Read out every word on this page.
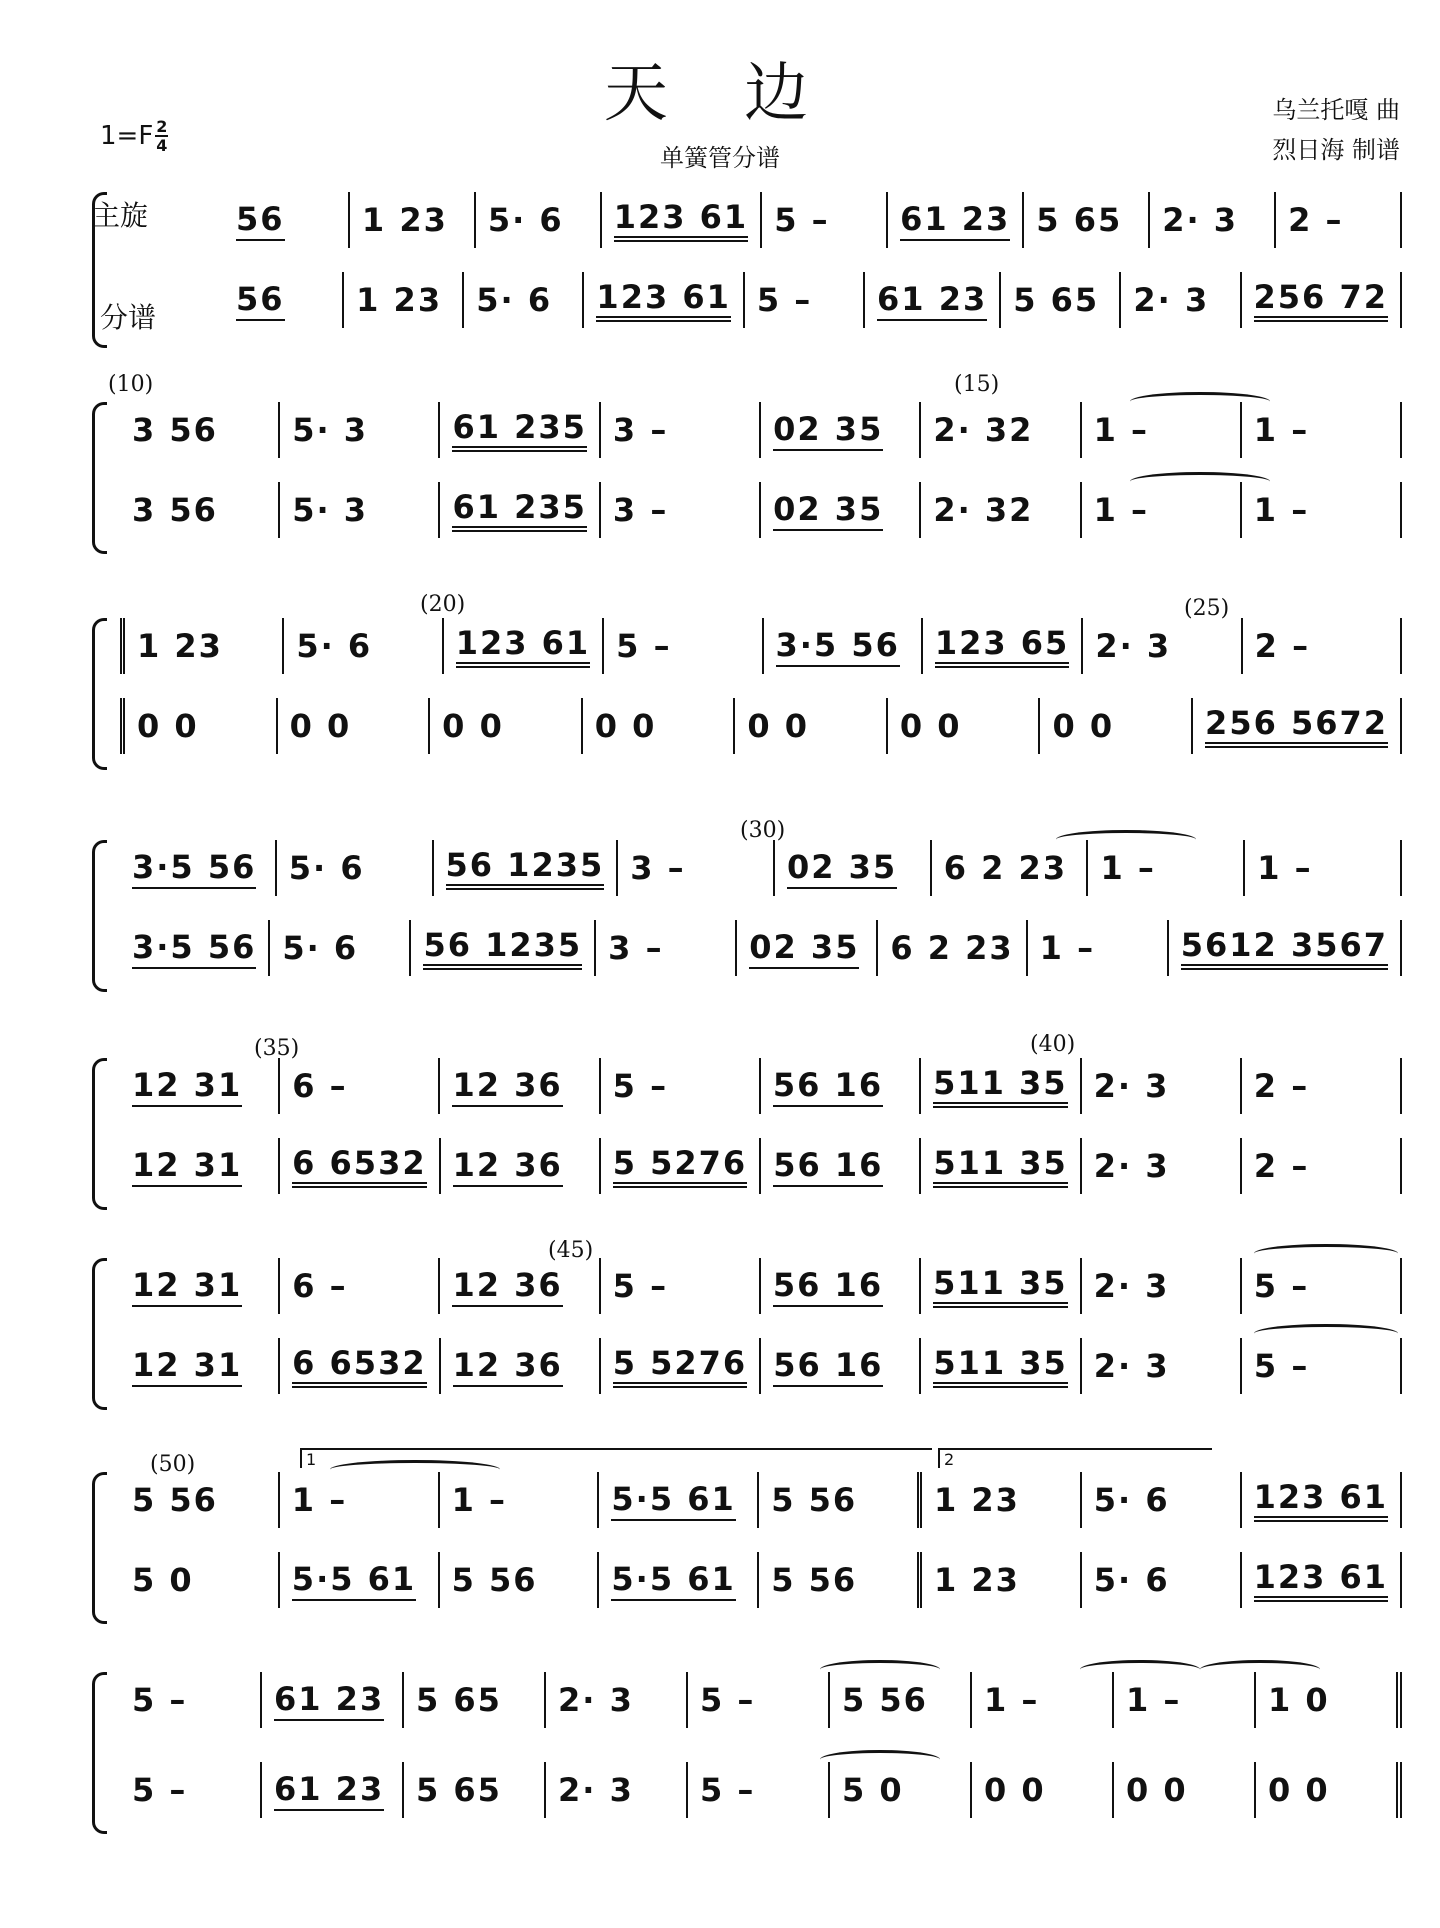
天 边
单簧管分谱
$1=F \frac{2}{4}$
乌兰托嘎 曲
烈日海 制谱
主旋
分谱
(10)	(15)
(20)	(25)
(30)
(35)	(40)
(45)
(50)	1	2
56 1 23 5· 6 123 61 5 – 61 23 5 65 2· 3 2 –
56 1 23 5· 6 123 61 5 – 61 23 5 65 2· 3 256 72
3 56 5· 3	61 235 3 –	02 35 2· 32 1 –	1 –
3 56 5· 3	61 235 3 –	02 35 2· 32 1 –	1 –
1 23 5· 6	123 61 5 –	3·5 56 123 65 2· 3	2 –
0 0	0 0	0 0	0 0	0 0	0 0	0 0	256 5672
3·5 56 5· 6	56 1235 3 –	02 35 6 2 23 1 –	1 –
3·5 56 5· 6 56 1235 3 –	02 35 6 2 23 1 –	5612 3567
12 31 6 –	12 36 5 –	56 16 511 35 2· 3	2 –
12 31 6 6532 12 36 5 5276 56 16 511 35 2· 3	2 –
12 31 6 –	12 36 5 –	56 16 511 35 2· 3	5 –
12 31 6 6532 12 36 5 5276 56 16 511 35 2· 3	5 –
5 56 1 –	1 –	5·5 61 5 56 1 23 5· 6	123 61
5 0	5·5 61 5 56 5·5 61 5 56 1 23 5· 6	123 61
5 –	61 23 5 65 2· 3 5 –	5 56 1 –	1 –	1 0
5 –	61 23 5 65 2· 3 5 –	5 0	0 0	0 0	0 0
